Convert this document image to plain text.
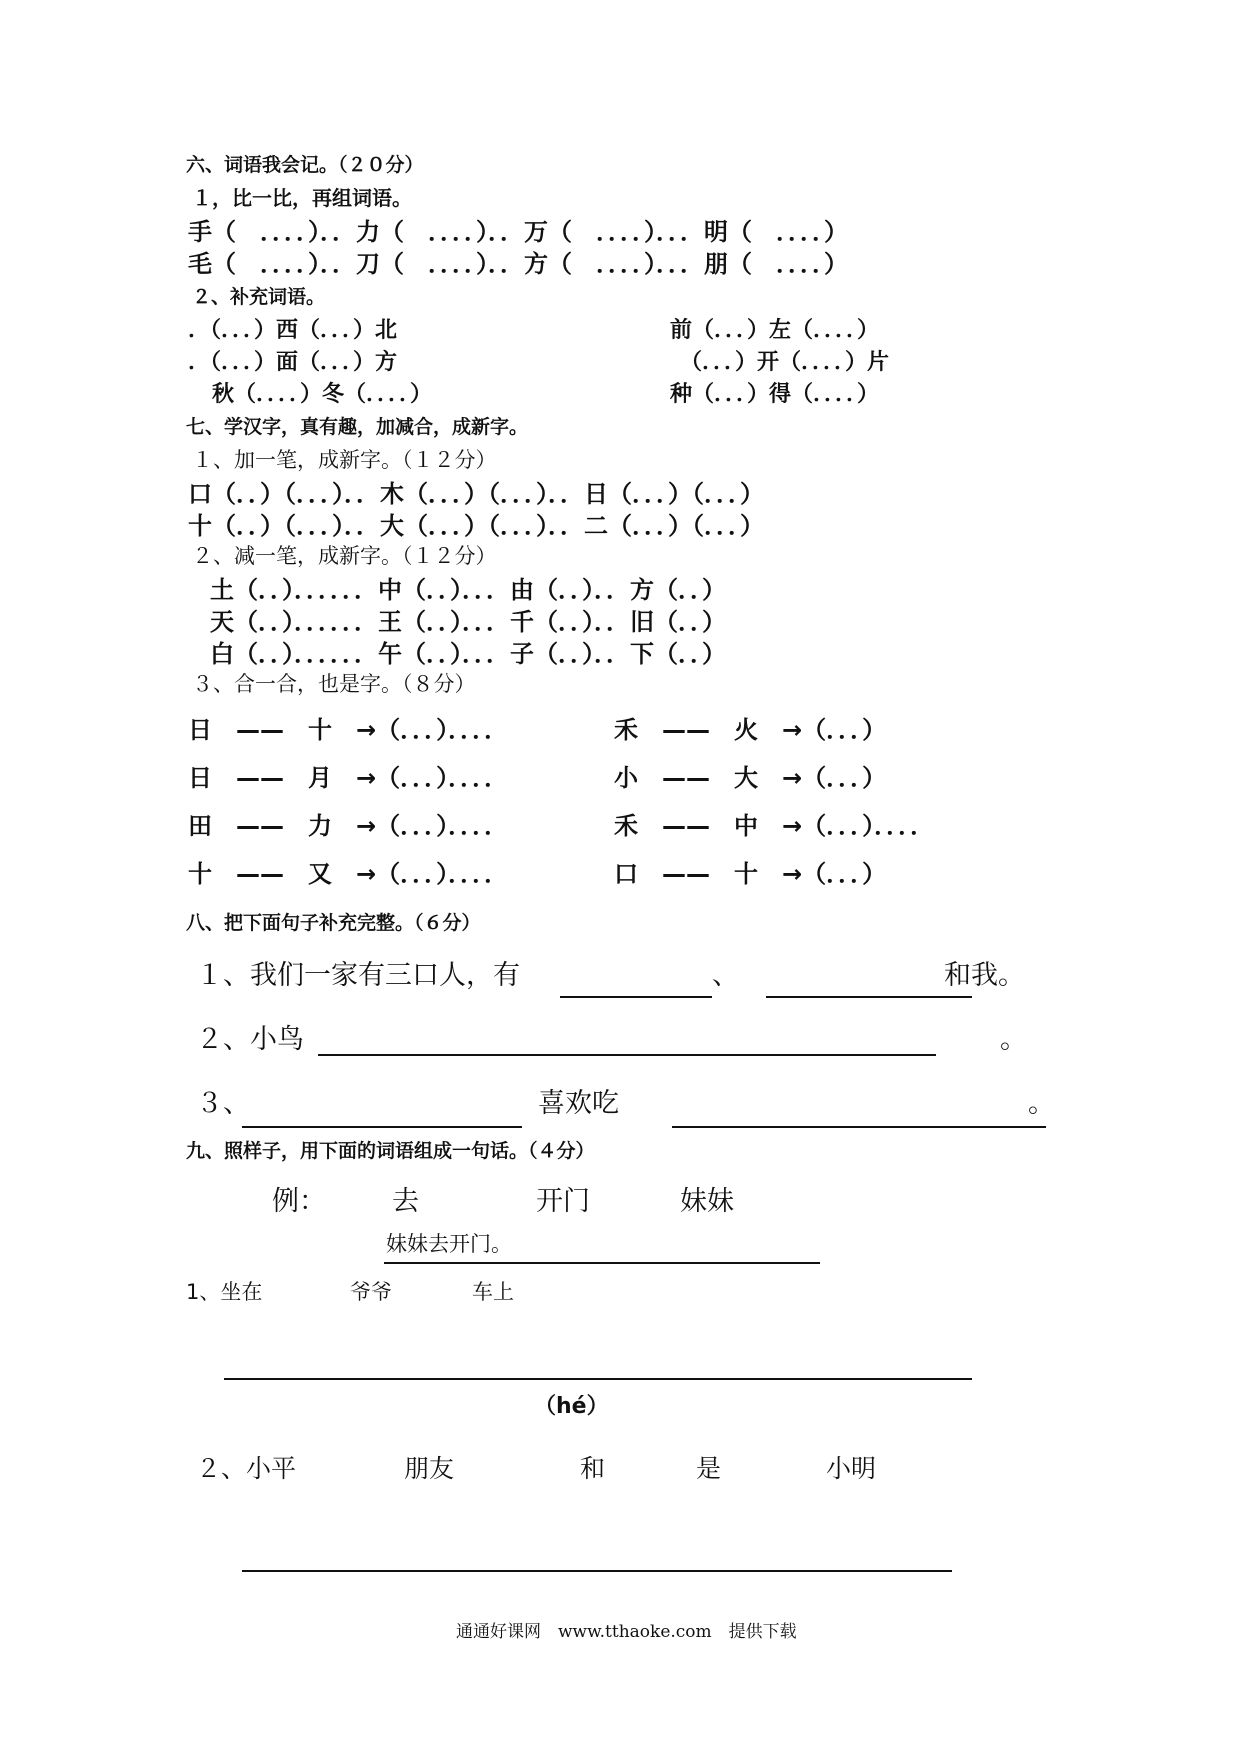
六、词语我会记。（２０分）
１，比一比，再组词语。
手（　．．．．）．．力（　．．．．）．．万（　．．．．）．．．明（　．．．．）
毛（　．．．．）．．刀（　．．．．）．．方（　．．．．）．．．朋（　．．．．）
２、补充词语。
．（．．．）西（．．．）北	前（．．．）左（．．．．）
．（．．．）面（．．．）方	（．．．）开（．．．．）片
秋（．．．．）冬（．．．．）	种（．．．）得（．．．．）
七、学汉字，真有趣，加减合，成新字。
１、加一笔，成新字。（１２分）
口（．．）（．．．）．．木（．．．）（．．．）．．日（．．．）（．．．）
十（．．）（．．．）．．大（．．．）（．．．）．．二（．．．）（．．．）
２、减一笔，成新字。（１２分）
土（．．）．．．．．．中（．．）．．．由（．．）．．方（．．）
天（．．）．．．．．．王（．．）．．．千（．．）．．旧（．．）
白（．．）．．．．．．午（．．）．．．子（．．）．．下（．．）
３、合一合，也是字。（８分）
日　——　十　→（．．．）．．．．	禾　——　火　→（．．．）
日　——　月　→（．．．）．．．．	小　——　大　→（．．．）
田　——　力　→（．．．）．．．．	禾　——　中　→（．．．）．．．．
十　——　又　→（．．．）．．．．	口　——　十　→（．．．）
八、把下面句子补充完整。（６分）
１、我们一家有三口人，有	、	和我。
２、小鸟	。
３、	喜欢吃	。
九、照样子，用下面的词语组成一句话。（４分）
例： 去	开门	妹妹
妹妹去开门。
1、坐在	爷爷	车上
（hé）
２、小平	朋友	和	是	小明
通通好课网　www.tthaoke.com　提供下载
